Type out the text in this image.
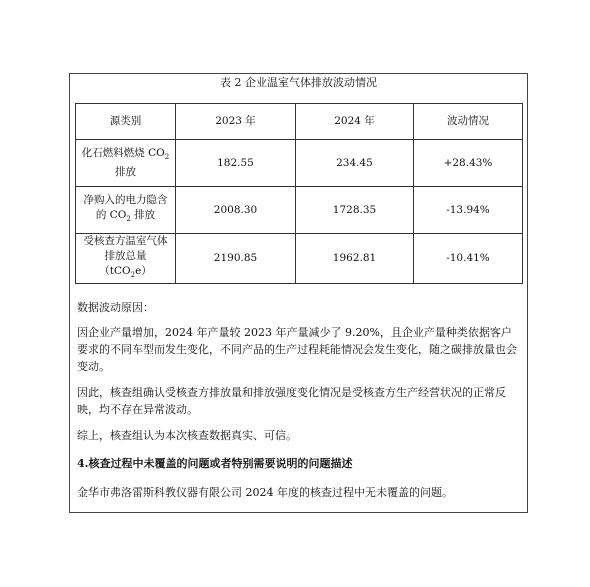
表 2 企业温室气体排放波动情况
源类别	2023 年	2024 年	波动情况
化石燃料燃烧 $CO_2$
排放	182.55	234.45	+28.43%
净购入的电力隐含
的 $CO_2$ 排放	2008.30	1728.35	-13.94%
受核查方温室气体
排放总量（tCO$_2$e）	2190.85	1962.81	-10.41%
数据波动原因：
因企业产量增加，2024 年产量较 2023 年产量减少了 9.20%，且企业产量种类依据客户要求的不同车型而发生变化，不同产品的生产过程耗能情况会发生变化，随之碳排放量也会变动。
因此，核查组确认受核查方排放量和排放强度变化情况是受核查方生产经营状况的正常反映，均不存在异常波动。
综上，核查组认为本次核查数据真实、可信。
4.核查过程中未覆盖的问题或者特别需要说明的问题描述
金华市弗洛雷斯科教仪器有限公司 2024 年度的核查过程中无未覆盖的问题。
